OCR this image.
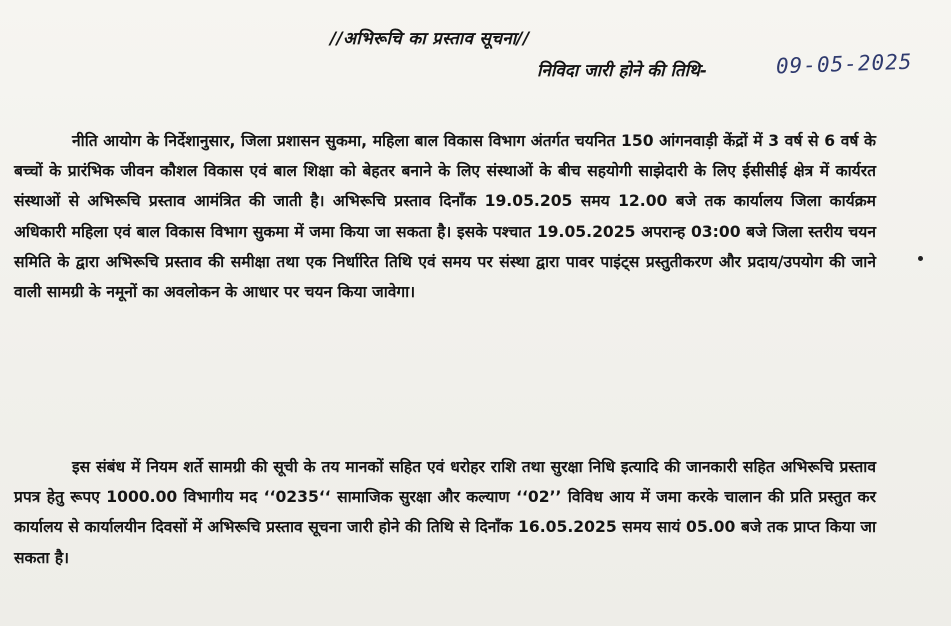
//अभिरूचि का प्रस्ताव सूचना//
निविदा जारी होने की तिथि-	09-05-2025

नीति आयोग के निर्देशानुसार, जिला प्रशासन सुकमा, महिला बाल विकास विभाग अंतर्गत चयनित 150 आंगनवाड़ी केंद्रों में 3 वर्ष से 6 वर्ष के बच्चों के प्रारंभिक जीवन कौशल विकास एवं बाल शिक्षा को बेहतर बनाने के लिए संस्थाओं के बीच सहयोगी साझेदारी के लिए ईसीसीई क्षेत्र में कार्यरत संस्थाओं से अभिरूचि प्रस्ताव आमंत्रित की जाती है। अभिरूचि प्रस्ताव दिनाँक 19.05.205 समय 12.00 बजे तक कार्यालय जिला कार्यक्रम अधिकारी महिला एवं बाल विकास विभाग सुकमा में जमा किया जा सकता है। इसके पश्चात 19.05.2025 अपरान्ह 03:00 बजे जिला स्तरीय चयन समिति के द्वारा अभिरूचि प्रस्ताव की समीक्षा तथा एक निर्धारित तिथि एवं समय पर संस्था द्वारा पावर पाइंट्स प्रस्तुतीकरण और प्रदाय/उपयोग की जाने वाली सामग्री के नमूनों का अवलोकन के आधार पर चयन किया जावेगा।

इस संबंध में नियम शर्ते सामग्री की सूची के तय मानकों सहित एवं धरोहर राशि तथा सुरक्षा निधि इत्यादि की जानकारी सहित अभिरूचि प्रस्ताव प्रपत्र हेतु रूपए 1000.00 विभागीय मद ‘‘0235‘‘ सामाजिक सुरक्षा और कल्याण ‘‘02’’ विविध आय में जमा करके चालान की प्रति प्रस्तुत कर कार्यालय से कार्यालयीन दिवसों में अभिरूचि प्रस्ताव सूचना जारी होने की तिथि से दिनाँक 16.05.2025 समय सायं 05.00 बजे तक प्राप्त किया जा सकता है।
